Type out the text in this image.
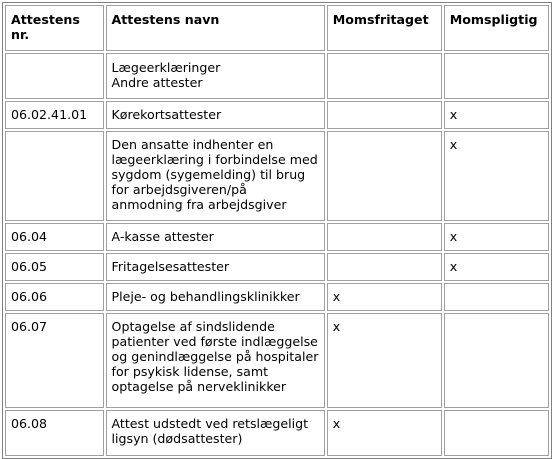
Attestens nr.	Attestens navn	Momsfritaget	Momspligtig

	Lægeerklæringer
Andre attester		

06.02.41.01	Kørekortsattester		x
	Den ansatte indhenter en lægeerklæring i forbindelse med sygdom (sygemelding) til brug for arbejdsgiveren/på anmodning fra arbejdsgiver		x
06.04	A-kasse attester		x
06.05	Fritagelsesattester		x
06.06	Pleje- og behandlingsklinikker	x	
06.07	Optagelse af sindslidende patienter ved første indlæggelse og genindlæggelse på hospitaler for psykisk lidense, samt optagelse på nerveklinikker	x	
06.08	Attest udstedt ved retslægeligt ligsyn (dødsattester)	x	
